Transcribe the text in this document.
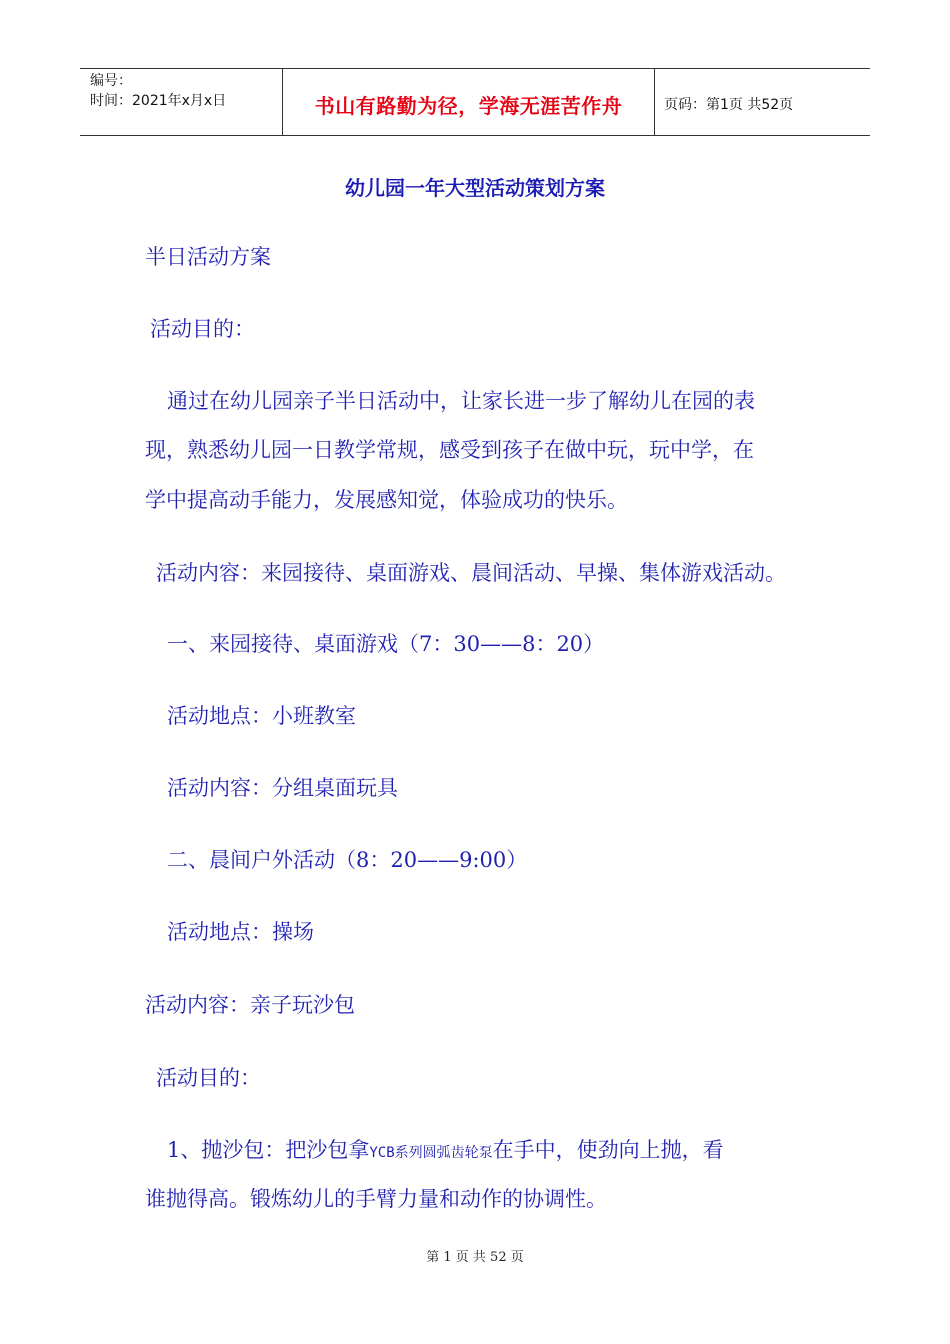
编号：
时间：2021年x月x日	书山有路勤为径，学海无涯苦作舟	页码：第1页 共52页
幼儿园一年大型活动策划方案
半日活动方案
活动目的：
通过在幼儿园亲子半日活动中，让家长进一步了解幼儿在园的表
现，熟悉幼儿园一日教学常规，感受到孩子在做中玩，玩中学，在
学中提高动手能力，发展感知觉，体验成功的快乐。
活动内容：来园接待、桌面游戏、晨间活动、早操、集体游戏活动。
一、来园接待、桌面游戏（7：30——8：20）
活动地点：小班教室
活动内容：分组桌面玩具
二、晨间户外活动（8：20——9:00）
活动地点：操场
活动内容：亲子玩沙包
活动目的：
1、抛沙包：把沙包拿YCB系列圆弧齿轮泵在手中，使劲向上抛，看
谁抛得高。锻炼幼儿的手臂力量和动作的协调性。
第 1 页 共 52 页
